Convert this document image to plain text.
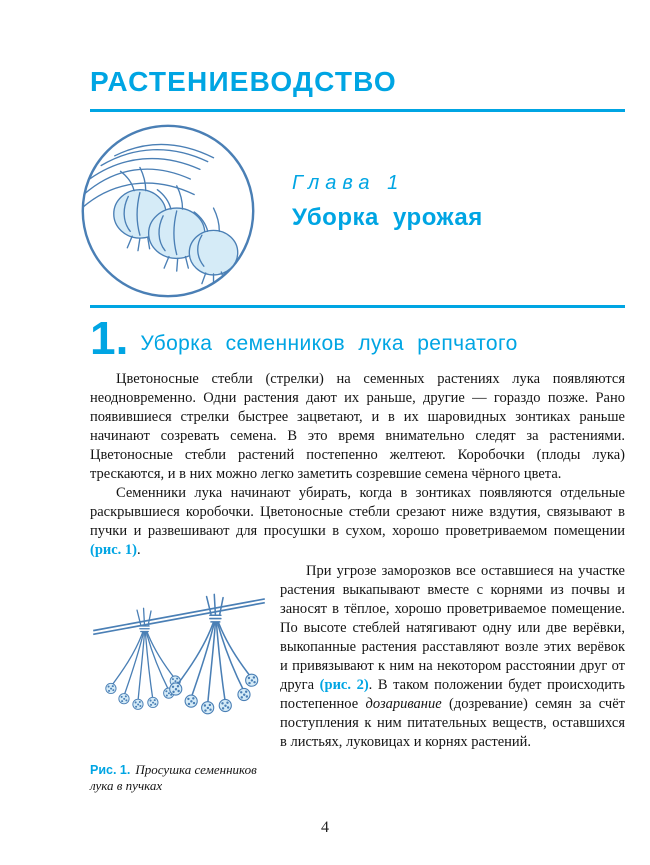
РАСТЕНИЕВОДСТВО
Глава 1
Уборка урожая
1. Уборка семенников лука репчатого

Цветоносные стебли (стрелки) на семенных растениях лука появляются неодновременно. Одни растения дают их раньше, другие — гораздо позже. Рано появившиеся стрелки быстрее зацветают, и в их шаровидных зонтиках раньше начинают созревать семена. В это время внимательно следят за растениями. Цветоносные стебли растений постепенно желтеют. Коробочки (плоды лука) трескаются, и в них можно легко заметить созревшие семена чёрного цвета.

Семенники лука начинают убирать, когда в зонтиках появляются отдельные раскрывшиеся коробочки. Цветоносные стебли срезают ниже вздутия, связывают в пучки и развешивают для просушки в сухом, хорошо проветриваемом помещении (рис. 1).

Рис. 1. Просушка семенников лука в пучках

При угрозе заморозков все оставшиеся на участке растения выкапывают вместе с корнями из почвы и заносят в тёплое, хорошо проветриваемое помещение. По высоте стеблей натягивают одну или две верёвки, выкопанные растения расставляют возле этих верёвок и привязывают к ним на некотором расстоянии друг от друга (рис. 2). В таком положении будет происходить постепенное дозаривание (дозревание) семян за счёт поступления к ним питательных веществ, оставшихся в листьях, луковицах и корнях растений.

4
